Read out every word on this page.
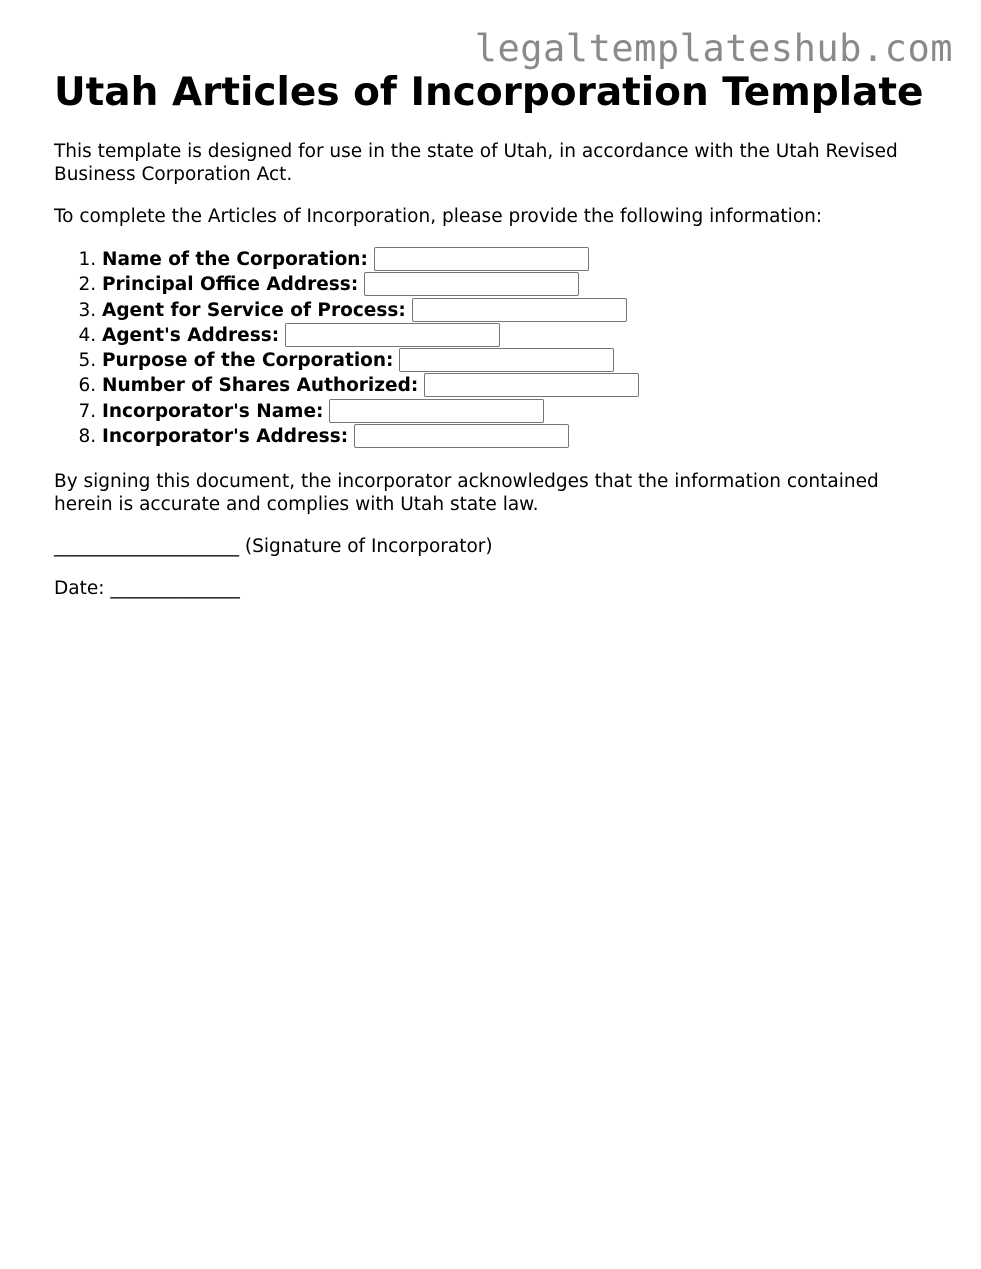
legaltemplateshub.com
Utah Articles of Incorporation Template

This template is designed for use in the state of Utah, in accordance with the Utah Revised Business Corporation Act.

To complete the Articles of Incorporation, please provide the following information:

1. Name of the Corporation:
2. Principal Office Address:
3. Agent for Service of Process:
4. Agent's Address:
5. Purpose of the Corporation:
6. Number of Shares Authorized:
7. Incorporator's Name:
8. Incorporator's Address:

By signing this document, the incorporator acknowledges that the information contained herein is accurate and complies with Utah state law.

____________________ (Signature of Incorporator)

Date: ______________
